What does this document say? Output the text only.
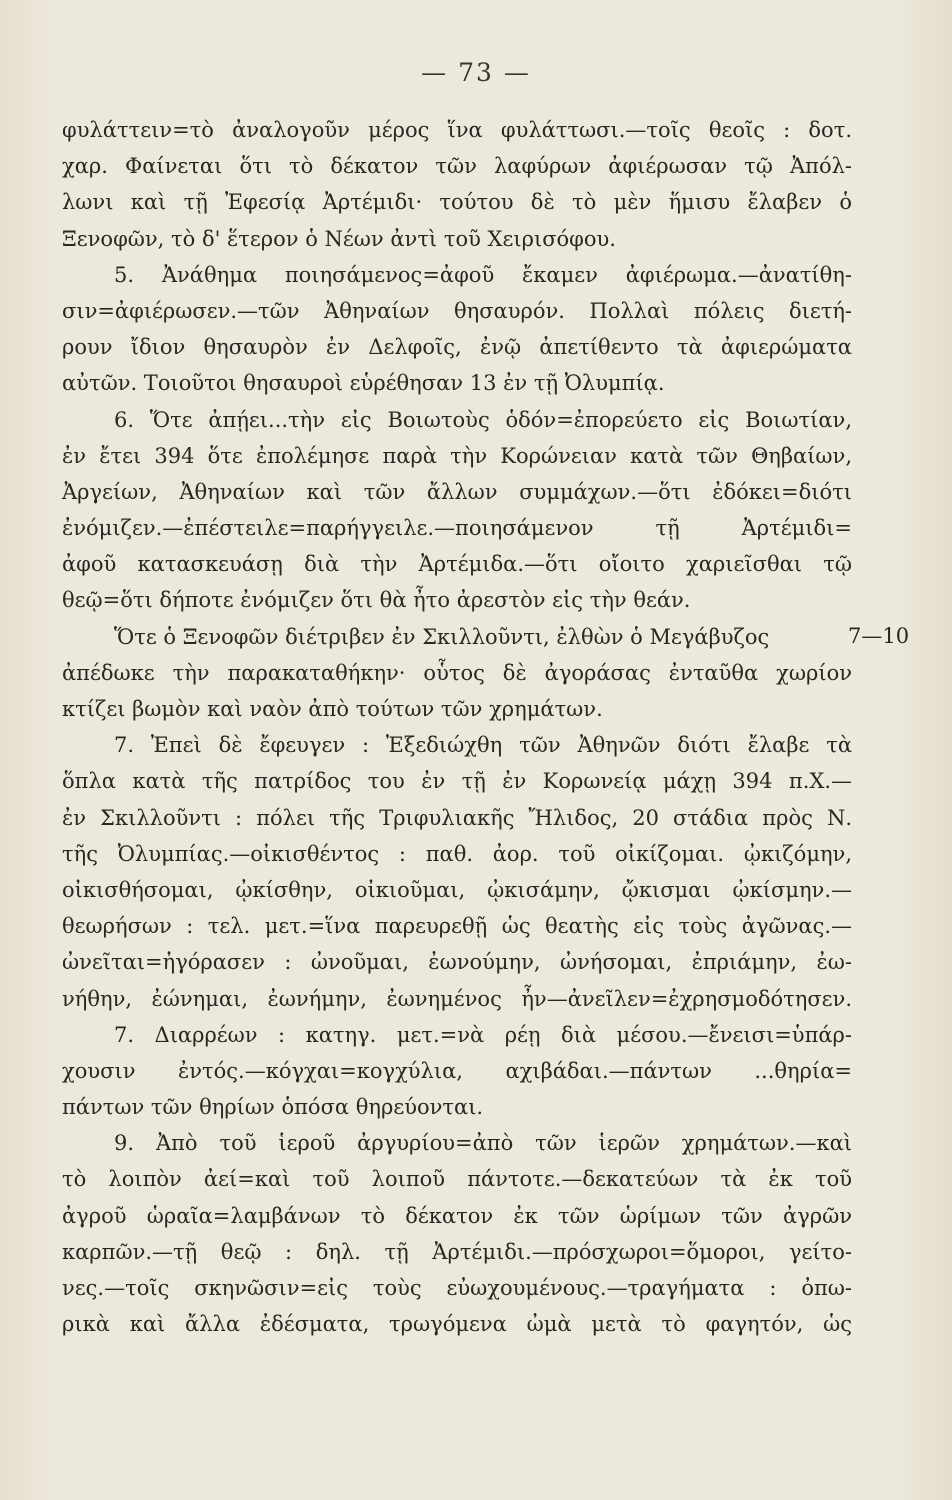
— 73 —
φυλάττειν=τὸ ἀναλογοῦν μέρος ἵνα φυλάττωσι.—τοῖς θεοῖς : δοτ.
χαρ. Φαίνεται ὅτι τὸ δέκατον τῶν λαφύρων ἀφιέρωσαν τῷ Ἀπόλ-
λωνι καὶ τῇ Ἐφεσίᾳ Ἀρτέμιδι· τούτου δὲ τὸ μὲν ἥμισυ ἔλαβεν ὁ
Ξενοφῶν, τὸ δ' ἕτερον ὁ Νέων ἀντὶ τοῦ Χειρισόφου.
5. Ἀνάθημα ποιησάμενος=ἀφοῦ ἔκαμεν ἀφιέρωμα.—ἀνατίθη-
σιν=ἀφιέρωσεν.—τῶν Ἀθηναίων θησαυρόν. Πολλαὶ πόλεις διετή-
ρουν ἴδιον θησαυρὸν ἐν Δελφοῖς, ἐνῷ ἀπετίθεντο τὰ ἀφιερώματα
αὐτῶν. Τοιοῦτοι θησαυροὶ εὑρέθησαν 13 ἐν τῇ Ὀλυμπίᾳ.
6. Ὅτε ἀπῄει...τὴν εἰς Βοιωτοὺς ὁδόν=ἐπορεύετο εἰς Βοιωτίαν,
ἐν ἔτει 394 ὅτε ἐπολέμησε παρὰ τὴν Κορώνειαν κατὰ τῶν Θηβαίων,
Ἀργείων, Ἀθηναίων καὶ τῶν ἄλλων συμμάχων.—ὅτι ἐδόκει=διότι
ἐνόμιζεν.—ἐπέστειλε=παρήγγειλε.—ποιησάμενον τῇ Ἀρτέμιδι=
ἀφοῦ κατασκευάσῃ διὰ τὴν Ἀρτέμιδα.—ὅτι οἴοιτο χαριεῖσθαι τῷ
θεῷ=ὅτι δήποτε ἐνόμιζεν ὅτι θὰ ἦτο ἀρεστὸν εἰς τὴν θεάν.
Ὅτε ὁ Ξενοφῶν διέτριβεν ἐν Σκιλλοῦντι, ἐλθὼν ὁ Μεγάβυζος
ἀπέδωκε τὴν παρακαταθήκην· οὗτος δὲ ἀγοράσας ἐνταῦθα χωρίον
κτίζει βωμὸν καὶ ναὸν ἀπὸ τούτων τῶν χρημάτων.
7. Ἐπεὶ δὲ ἔφευγεν : Ἐξεδιώχθη τῶν Ἀθηνῶν διότι ἔλαβε τὰ
ὅπλα κατὰ τῆς πατρίδος του ἐν τῇ ἐν Κορωνείᾳ μάχῃ 394 π.Χ.—
ἐν Σκιλλοῦντι : πόλει τῆς Τριφυλιακῆς Ἤλιδος, 20 στάδια πρὸς Ν.
τῆς Ὀλυμπίας.—οἰκισθέντος : παθ. ἀορ. τοῦ οἰκίζομαι. ᾠκιζόμην,
οἰκισθήσομαι, ᾠκίσθην, οἰκιοῦμαι, ᾠκισάμην, ᾤκισμαι ᾠκίσμην.—
θεωρήσων : τελ. μετ.=ἵνα παρευρεθῇ ὡς θεατὴς εἰς τοὺς ἀγῶνας.—
ὠνεῖται=ἠγόρασεν : ὠνοῦμαι, ἐωνούμην, ὠνήσομαι, ἐπριάμην, ἐω-
νήθην, ἐώνημαι, ἐωνήμην, ἐωνημένος ἦν—ἀνεῖλεν=ἐχρησμοδότησεν.
7. Διαρρέων : κατηγ. μετ.=νὰ ρέῃ διὰ μέσου.—ἔνεισι=ὑπάρ-
χουσιν ἐντός.—κόγχαι=κογχύλια, αχιβάδαι.—πάντων ...θηρία=
πάντων τῶν θηρίων ὁπόσα θηρεύονται.
9. Ἀπὸ τοῦ ἱεροῦ ἀργυρίου=ἀπὸ τῶν ἱερῶν χρημάτων.—καὶ
τὸ λοιπὸν ἀεί=καὶ τοῦ λοιποῦ πάντοτε.—δεκατεύων τὰ ἐκ τοῦ
ἀγροῦ ὡραῖα=λαμβάνων τὸ δέκατον ἐκ τῶν ὡρίμων τῶν ἀγρῶν
καρπῶν.—τῇ θεῷ : δηλ. τῇ Ἀρτέμιδι.—πρόσχωροι=ὅμοροι, γείτο-
νες.—τοῖς σκηνῶσιν=εἰς τοὺς εὐωχουμένους.—τραγήματα : ὀπω-
ρικὰ καὶ ἄλλα ἐδέσματα, τρωγόμενα ὠμὰ μετὰ τὸ φαγητόν, ὡς
7—10
